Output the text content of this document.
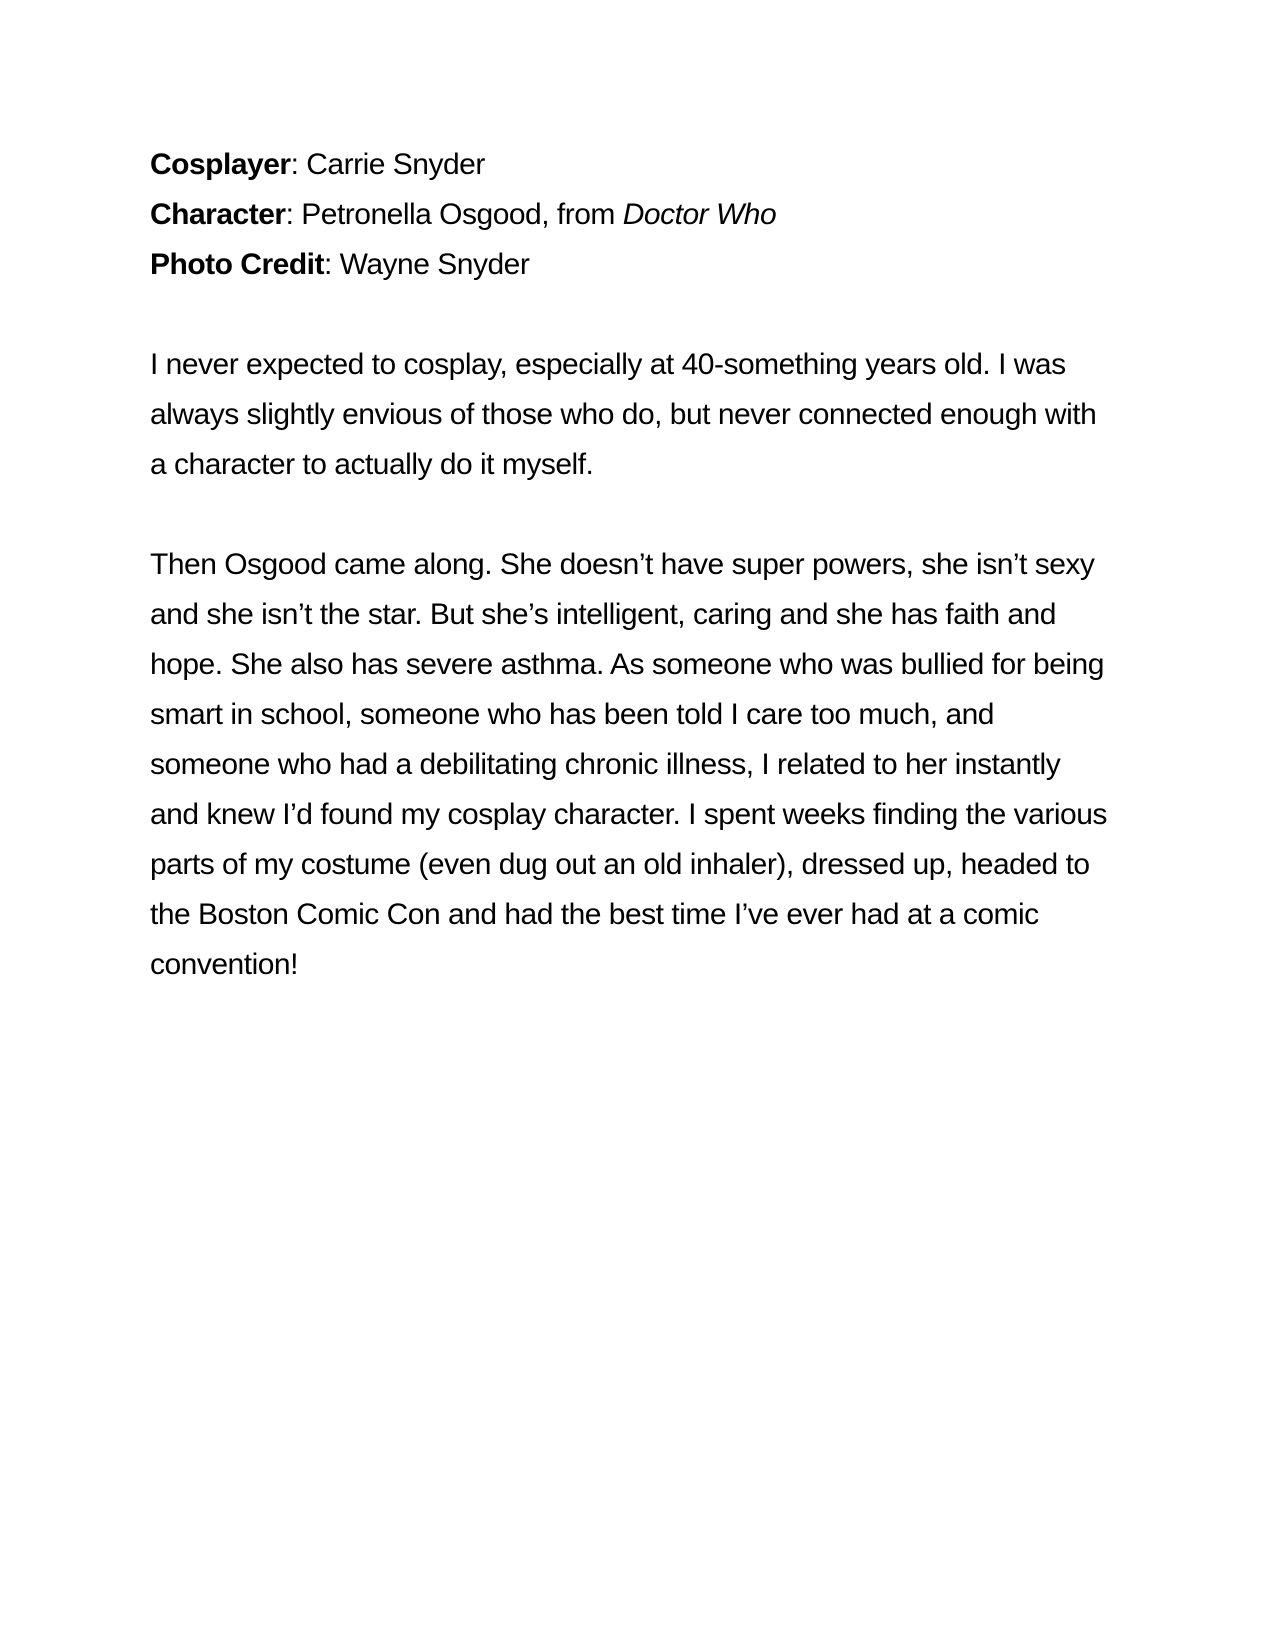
Cosplayer: Carrie Snyder

Character: Petronella Osgood, from Doctor Who

Photo Credit: Wayne Snyder

I never expected to cosplay, especially at 40-something years old. I was always slightly envious of those who do, but never connected enough with a character to actually do it myself.

Then Osgood came along. She doesn’t have super powers, she isn’t sexy and she isn’t the star. But she’s intelligent, caring and she has faith and hope. She also has severe asthma. As someone who was bullied for being smart in school, someone who has been told I care too much, and someone who had a debilitating chronic illness, I related to her instantly and knew I’d found my cosplay character. I spent weeks finding the various parts of my costume (even dug out an old inhaler), dressed up, headed to the Boston Comic Con and had the best time I’ve ever had at a comic convention!
